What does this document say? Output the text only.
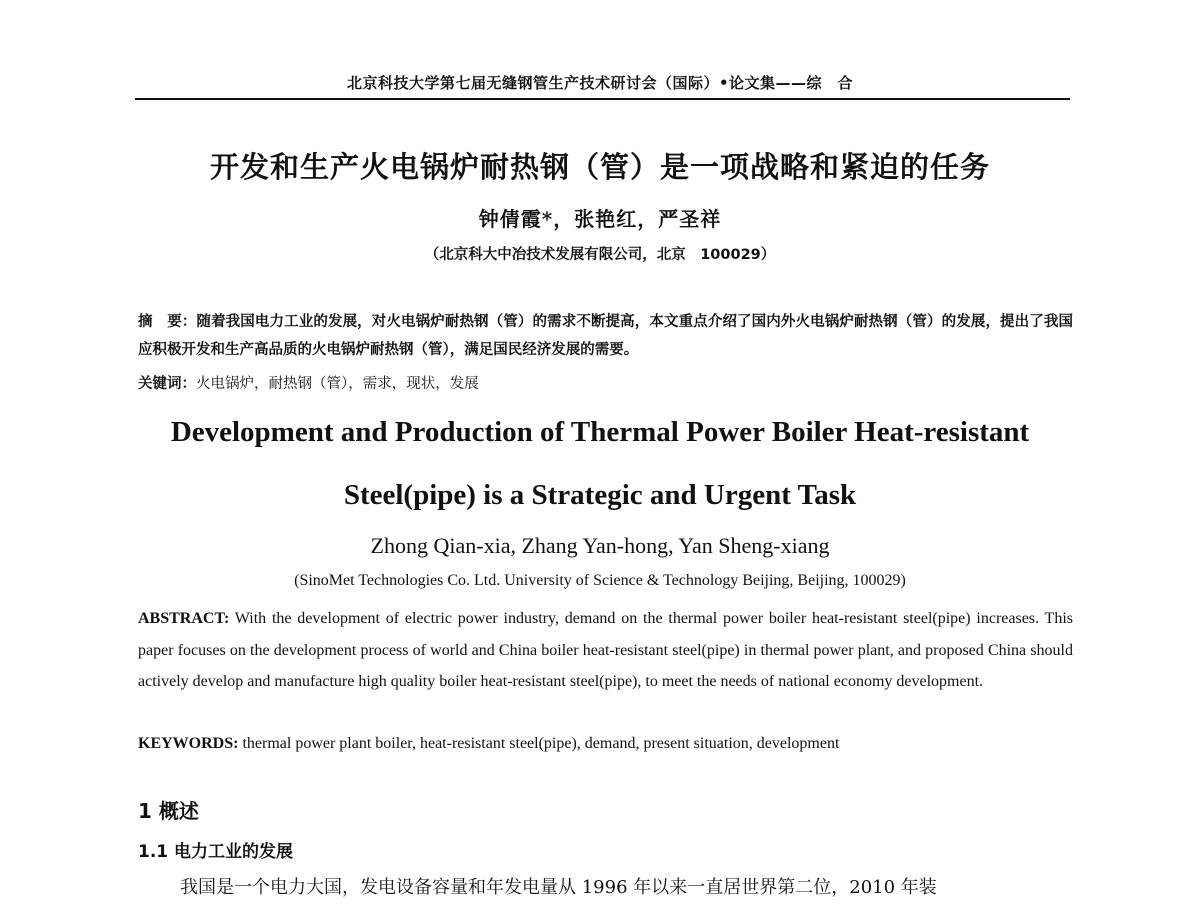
北京科技大学第七届无缝钢管生产技术研讨会（国际）•论文集——综　合
开发和生产火电锅炉耐热钢（管）是一项战略和紧迫的任务
钟倩霞*，张艳红，严圣祥
（北京科大中冶技术发展有限公司，北京　100029）
摘　要：随着我国电力工业的发展，对火电锅炉耐热钢（管）的需求不断提高，本文重点介绍了国内外火电锅炉耐热钢（管）的发展，提出了我国应积极开发和生产高品质的火电锅炉耐热钢（管），满足国民经济发展的需要。
关键词：火电锅炉，耐热钢（管），需求，现状，发展
Development and Production of Thermal Power Boiler Heat-resistant
Steel(pipe) is a Strategic and Urgent Task
Zhong Qian-xia, Zhang Yan-hong, Yan Sheng-xiang
(SinoMet Technologies Co. Ltd. University of Science & Technology Beijing, Beijing, 100029)
ABSTRACT: With the development of electric power industry, demand on the thermal power boiler heat-resistant steel(pipe) increases. This paper focuses on the development process of world and China boiler heat-resistant steel(pipe) in thermal power plant, and proposed China should actively develop and manufacture high quality boiler heat-resistant steel(pipe), to meet the needs of national economy development.
KEYWORDS: thermal power plant boiler, heat-resistant steel(pipe), demand, present situation, development
1 概述
1.1 电力工业的发展
我国是一个电力大国，发电设备容量和年发电量从 1996 年以来一直居世界第二位，2010 年装
